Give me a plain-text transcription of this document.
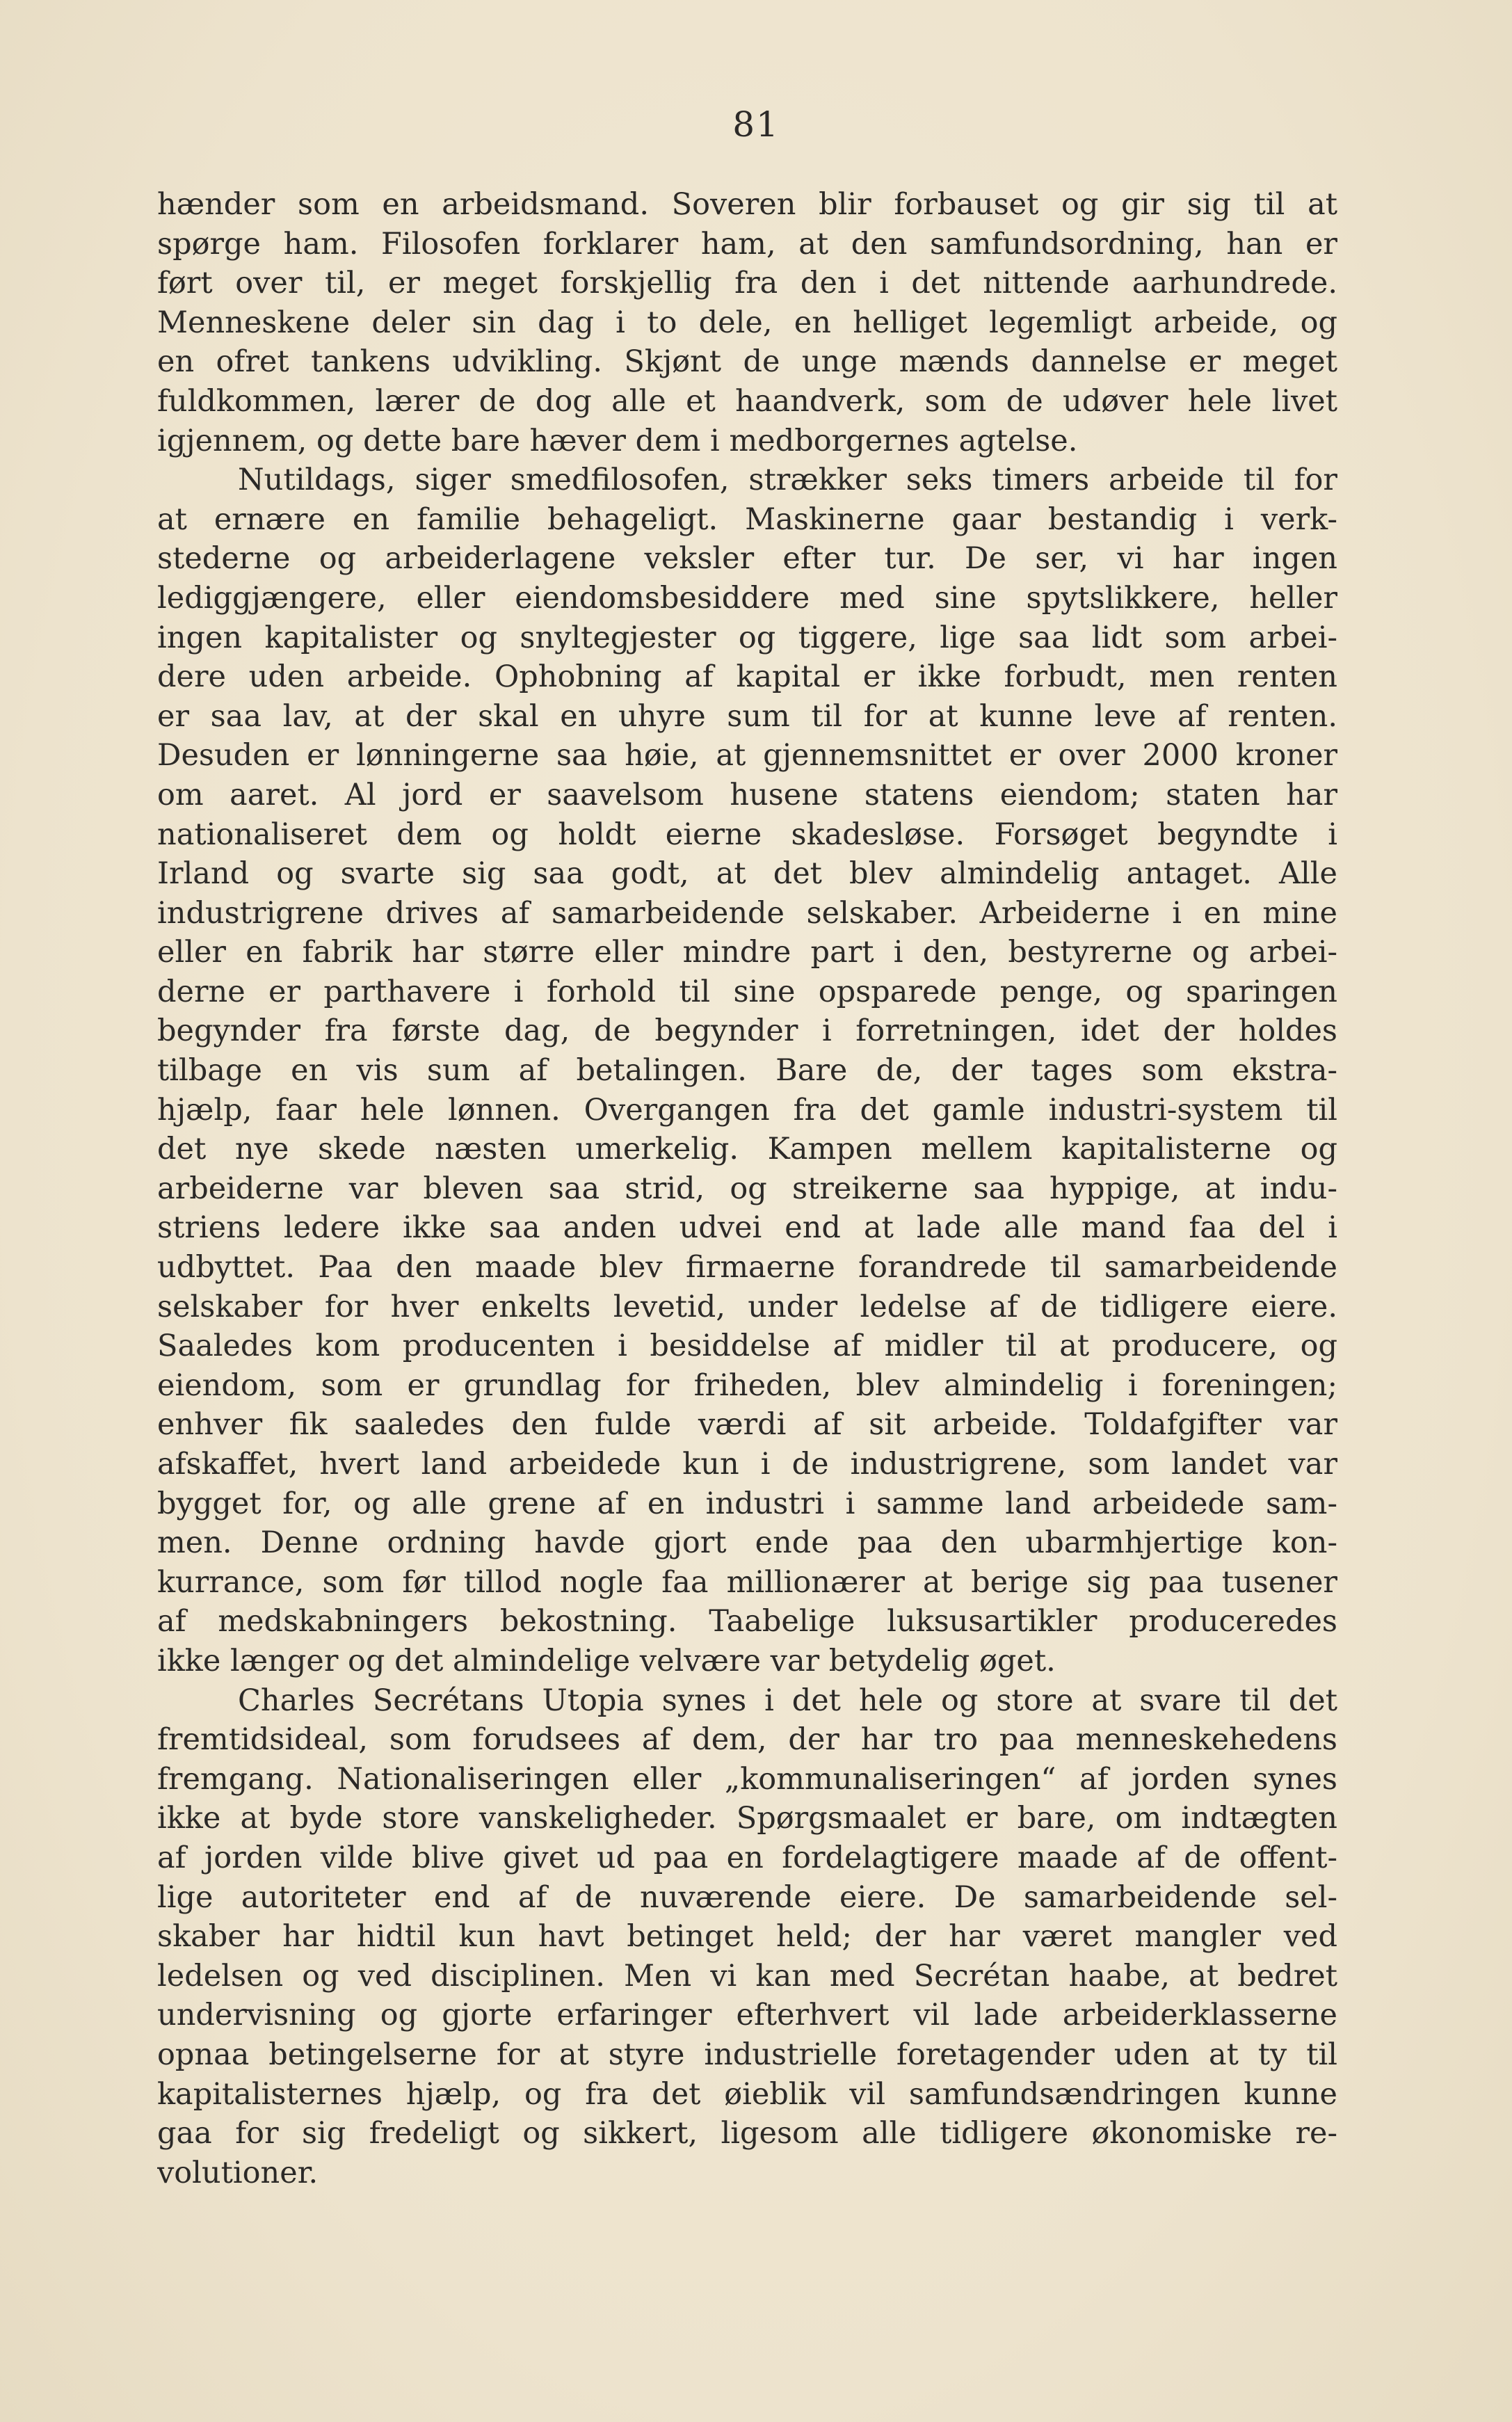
81
hænder som en arbeidsmand. Soveren blir forbauset og gir sig til at
spørge ham. Filosofen forklarer ham, at den samfundsordning, han er
ført over til, er meget forskjellig fra den i det nittende aarhundrede.
Menneskene deler sin dag i to dele, en helliget legemligt arbeide, og
en ofret tankens udvikling. Skjønt de unge mænds dannelse er meget
fuldkommen, lærer de dog alle et haandverk, som de udøver hele livet
igjennem, og dette bare hæver dem i medborgernes agtelse.
Nutildags, siger smedfilosofen, strækker seks timers arbeide til for
at ernære en familie behageligt. Maskinerne gaar bestandig i verk-
stederne og arbeiderlagene veksler efter tur. De ser, vi har ingen
lediggjængere, eller eiendomsbesiddere med sine spytslikkere, heller
ingen kapitalister og snyltegjester og tiggere, lige saa lidt som arbei-
dere uden arbeide. Ophobning af kapital er ikke forbudt, men renten
er saa lav, at der skal en uhyre sum til for at kunne leve af renten.
Desuden er lønningerne saa høie, at gjennemsnittet er over 2000 kroner
om aaret. Al jord er saavelsom husene statens eiendom; staten har
nationaliseret dem og holdt eierne skadesløse. Forsøget begyndte i
Irland og svarte sig saa godt, at det blev almindelig antaget. Alle
industrigrene drives af samarbeidende selskaber. Arbeiderne i en mine
eller en fabrik har større eller mindre part i den, bestyrerne og arbei-
derne er parthavere i forhold til sine opsparede penge, og sparingen
begynder fra første dag, de begynder i forretningen, idet der holdes
tilbage en vis sum af betalingen. Bare de, der tages som ekstra-
hjælp, faar hele lønnen. Overgangen fra det gamle industri-system til
det nye skede næsten umerkelig. Kampen mellem kapitalisterne og
arbeiderne var bleven saa strid, og streikerne saa hyppige, at indu-
striens ledere ikke saa anden udvei end at lade alle mand faa del i
udbyttet. Paa den maade blev firmaerne forandrede til samarbeidende
selskaber for hver enkelts levetid, under ledelse af de tidligere eiere.
Saaledes kom producenten i besiddelse af midler til at producere, og
eiendom, som er grundlag for friheden, blev almindelig i foreningen;
enhver fik saaledes den fulde værdi af sit arbeide. Toldafgifter var
afskaffet, hvert land arbeidede kun i de industrigrene, som landet var
bygget for, og alle grene af en industri i samme land arbeidede sam-
men. Denne ordning havde gjort ende paa den ubarmhjertige kon-
kurrance, som før tillod nogle faa millionærer at berige sig paa tusener
af medskabningers bekostning. Taabelige luksusartikler produceredes
ikke længer og det almindelige velvære var betydelig øget.
Charles Secrétans Utopia synes i det hele og store at svare til det
fremtidsideal, som forudsees af dem, der har tro paa menneskehedens
fremgang. Nationaliseringen eller „kommunaliseringen“ af jorden synes
ikke at byde store vanskeligheder. Spørgsmaalet er bare, om indtægten
af jorden vilde blive givet ud paa en fordelagtigere maade af de offent-
lige autoriteter end af de nuværende eiere. De samarbeidende sel-
skaber har hidtil kun havt betinget held; der har været mangler ved
ledelsen og ved disciplinen. Men vi kan med Secrétan haabe, at bedret
undervisning og gjorte erfaringer efterhvert vil lade arbeiderklasserne
opnaa betingelserne for at styre industrielle foretagender uden at ty til
kapitalisternes hjælp, og fra det øieblik vil samfundsændringen kunne
gaa for sig fredeligt og sikkert, ligesom alle tidligere økonomiske re-
volutioner.
